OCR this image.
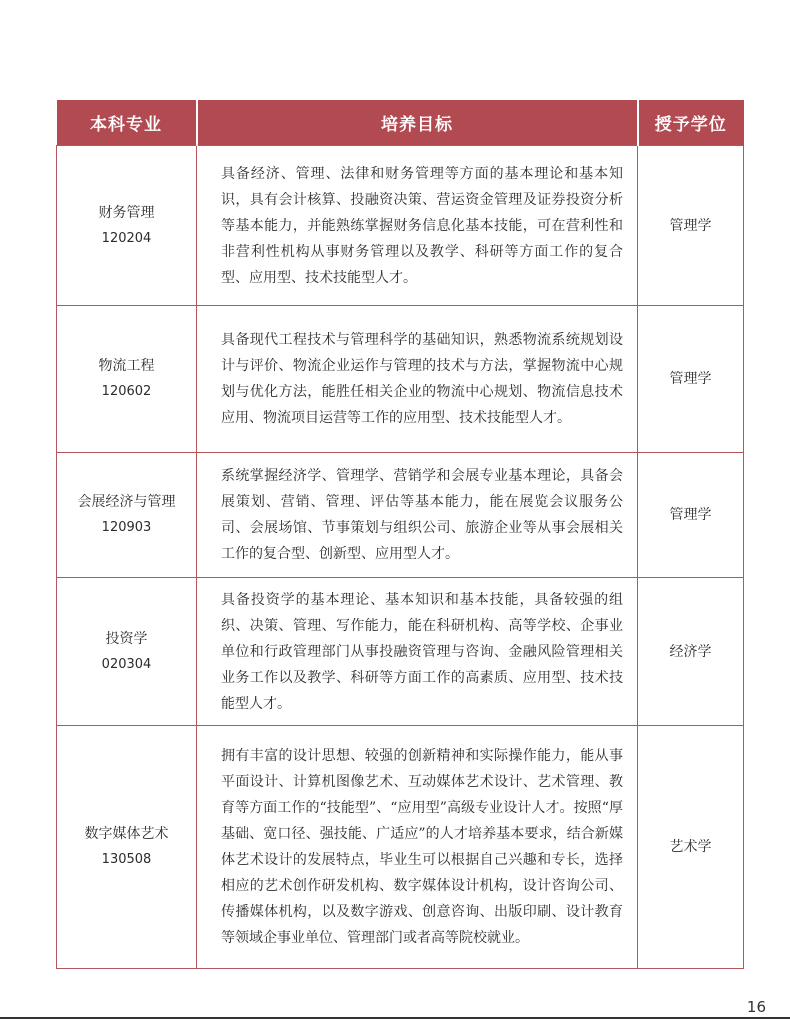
本科专业	培养目标	授予学位
财务管理
120204	具备经济、管理、法律和财务管理等方面的基本理论和基本知识，具有会计核算、投融资决策、营运资金管理及证券投资分析等基本能力，并能熟练掌握财务信息化基本技能，可在营利性和非营利性机构从事财务管理以及教学、科研等方面工作的复合型、应用型、技术技能型人才。	管理学
物流工程
120602	具备现代工程技术与管理科学的基础知识，熟悉物流系统规划设计与评价、物流企业运作与管理的技术与方法，掌握物流中心规划与优化方法，能胜任相关企业的物流中心规划、物流信息技术应用、物流项目运营等工作的应用型、技术技能型人才。	管理学
会展经济与管理
120903	系统掌握经济学、管理学、营销学和会展专业基本理论，具备会展策划、营销、管理、评估等基本能力，能在展览会议服务公司、会展场馆、节事策划与组织公司、旅游企业等从事会展相关工作的复合型、创新型、应用型人才。	管理学
投资学
020304	具备投资学的基本理论、基本知识和基本技能，具备较强的组织、决策、管理、写作能力，能在科研机构、高等学校、企事业单位和行政管理部门从事投融资管理与咨询、金融风险管理相关业务工作以及教学、科研等方面工作的高素质、应用型、技术技能型人才。	经济学
数字媒体艺术
130508	拥有丰富的设计思想、较强的创新精神和实际操作能力，能从事平面设计、计算机图像艺术、互动媒体艺术设计、艺术管理、教育等方面工作的“技能型”、“应用型”高级专业设计人才。按照“厚基础、宽口径、强技能、广适应”的人才培养基本要求，结合新媒体艺术设计的发展特点，毕业生可以根据自己兴趣和专长，选择相应的艺术创作研发机构、数字媒体设计机构，设计咨询公司、传播媒体机构，以及数字游戏、创意咨询、出版印刷、设计教育等领域企事业单位、管理部门或者高等院校就业。	艺术学
16
